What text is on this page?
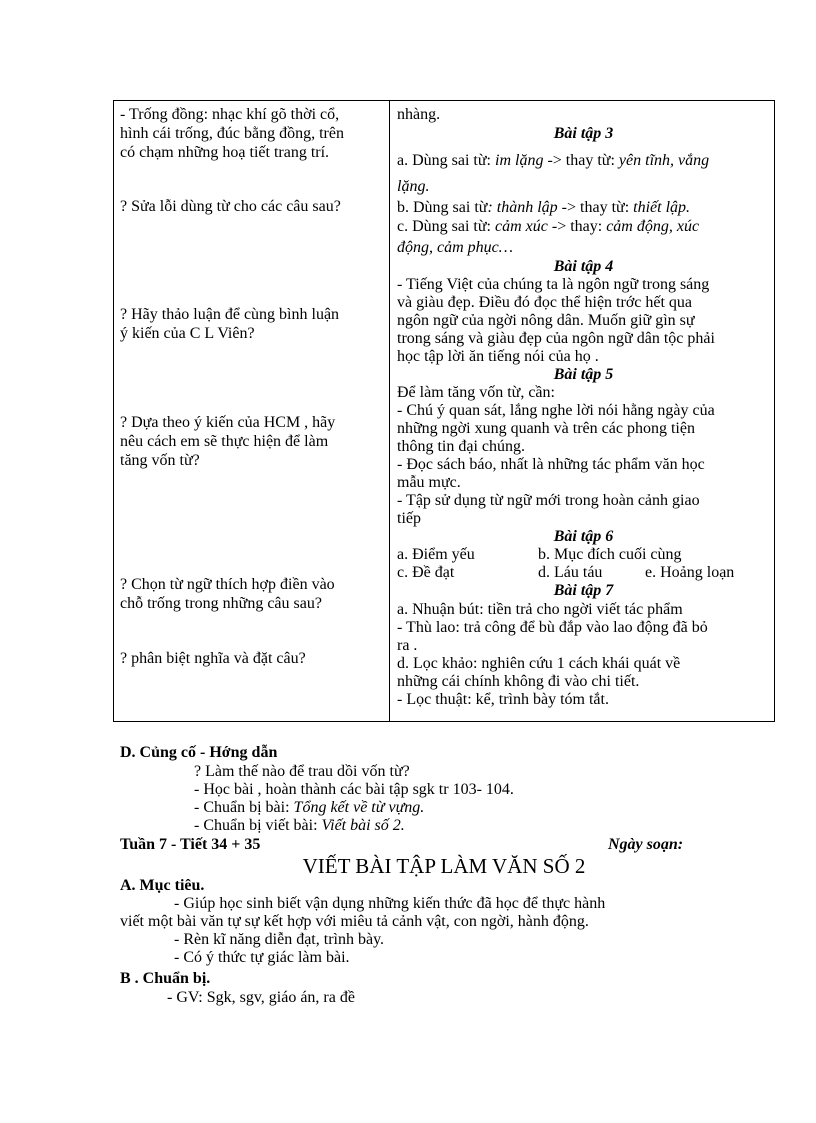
- Trống đồng: nhạc khí gõ thời cổ,
hình cái trống, đúc bằng đồng, trên
có chạm những hoạ tiết trang trí.
? Sửa lỗi dùng từ cho các câu sau?
? Hãy thảo luận để cùng bình luận
ý kiến của C L Viên?
? Dựa theo ý kiến của HCM , hãy
nêu cách em sẽ thực hiện để làm
tăng vốn từ?
? Chọn từ ngữ thích hợp điền vào
chỗ trống trong những câu sau?
? phân biệt nghĩa và đặt câu?
nhàng.
Bài tập 3
a. Dùng sai từ: im lặng -> thay từ: yên tĩnh, vắng
lặng.
b. Dùng sai từ: thành lập -> thay từ: thiết lập.
c. Dùng sai từ: cảm xúc -> thay: cảm động, xúc
động, cảm phục…
Bài tập 4
- Tiếng Việt của chúng ta là ngôn ngữ trong sáng
và giàu đẹp. Điều đó đọc thể hiện trớc hết qua
ngôn ngữ của ngời nông dân. Muốn giữ gìn sự
trong sáng và giàu đẹp của ngôn ngữ dân tộc phải
học tập lời ăn tiếng nói của họ .
Bài tập 5
Để làm tăng vốn từ, cần:
- Chú ý quan sát, lắng nghe lời nói hằng ngày của
những ngời xung quanh và trên các phong tiện
thông tin đại chúng.
- Đọc sách báo, nhất là những tác phẩm văn học
mẫu mực.
- Tập sử dụng từ ngữ mới trong hoàn cảnh giao
tiếp
Bài tập 6
a. Điểm yếu	b. Mục đích cuối cùng
c. Đề đạt	d. Láu táu	e. Hoảng loạn
Bài tập 7
a. Nhuận bút: tiền trả cho ngời viết tác phẩm
- Thù lao: trả công để bù đắp vào lao động đã bỏ
ra .
d. Lọc khảo: nghiên cứu 1 cách khái quát về
những cái chính không đi vào chi tiết.
- Lọc thuật: kể, trình bày tóm tắt.
D. Củng cố - Hớng dẫn
? Làm thế nào để trau dồi vốn từ?
- Học bài , hoàn thành các bài tập sgk tr 103- 104.
- Chuẩn bị bài: Tổng kết về từ vựng.
- Chuẩn bị viết bài: Viết bài số 2.
Tuần 7 - Tiết 34 + 35	Ngày soạn:
VIẾT BÀI TẬP LÀM VĂN SỐ 2
A. Mục tiêu.
- Giúp học sinh biết vận dụng những kiến thức đã học để thực hành
viết một bài văn tự sự kết hợp với miêu tả cảnh vật, con ngời, hành động.
- Rèn kĩ năng diễn đạt, trình bày.
- Có ý thức tự giác làm bài.
B . Chuẩn bị.
- GV: Sgk, sgv, giáo án, ra đề
